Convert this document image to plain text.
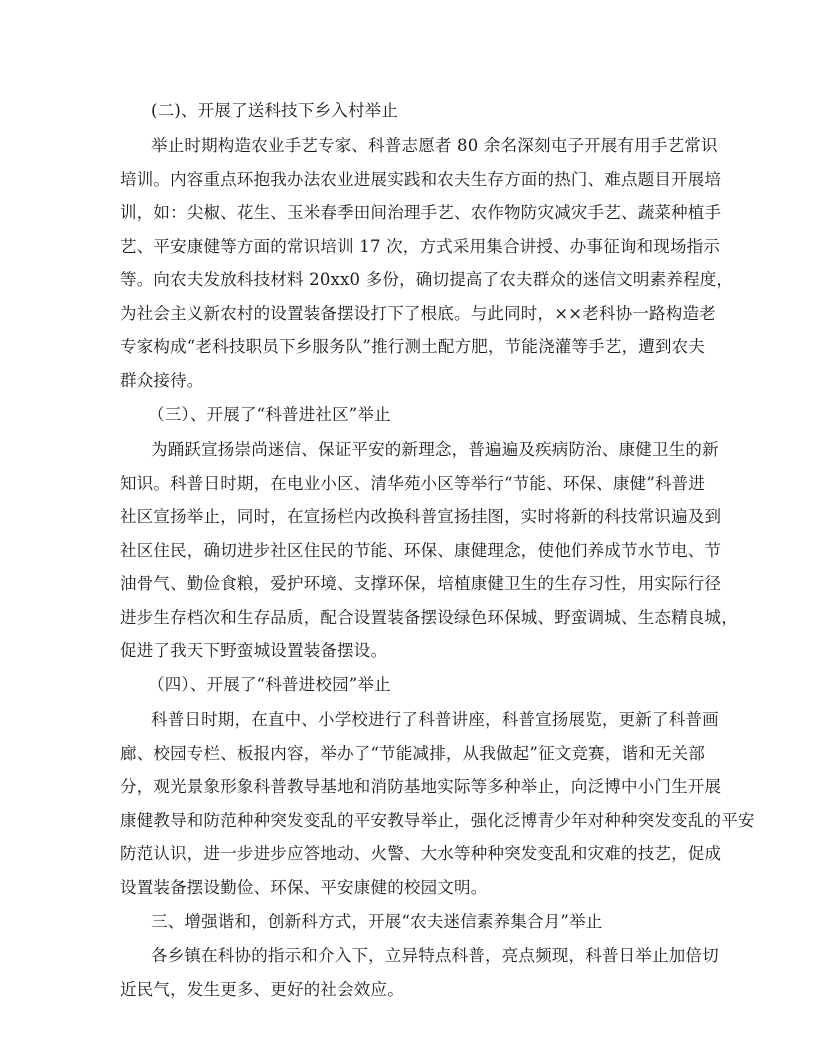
(二)、开展了送科技下乡入村举止
举止时期构造农业手艺专家、科普志愿者 80 余名深刻屯子开展有用手艺常识
培训。内容重点环抱我办法农业进展实践和农夫生存方面的热门、难点题目开展培
训，如：尖椒、花生、玉米春季田间治理手艺、农作物防灾减灾手艺、蔬菜种植手
艺、平安康健等方面的常识培训 17 次，方式采用集合讲授、办事征询和现场指示
等。向农夫发放科技材料 20xx0 多份，确切提高了农夫群众的迷信文明素养程度，
为社会主义新农村的设置装备摆设打下了根底。与此同时，××老科协一路构造老
专家构成“老科技职员下乡服务队”推行测土配方肥，节能浇灌等手艺，遭到农夫
群众接待。
（三）、开展了“科普进社区”举止
为踊跃宣扬崇尚迷信、保证平安的新理念，普遍遍及疾病防治、康健卫生的新
知识。科普日时期，在电业小区、清华苑小区等举行“节能、环保、康健”科普进
社区宣扬举止，同时，在宣扬栏内改换科普宣扬挂图，实时将新的科技常识遍及到
社区住民，确切进步社区住民的节能、环保、康健理念，使他们养成节水节电、节
油骨气、勤俭食粮，爱护环境、支撑环保，培植康健卫生的生存习性，用实际行径
进步生存档次和生存品质，配合设置装备摆设绿色环保城、野蛮调城、生态精良城，
促进了我天下野蛮城设置装备摆设。
（四）、开展了“科普进校园”举止
科普日时期，在直中、小学校进行了科普讲座，科普宣扬展览，更新了科普画
廊、校园专栏、板报内容，举办了“节能减排，从我做起”征文竞赛，谐和无关部
分，观光景象形象科普教导基地和消防基地实际等多种举止，向泛博中小门生开展
康健教导和防范种种突发变乱的平安教导举止，强化泛博青少年对种种突发变乱的平安
防范认识，进一步进步应答地动、火警、大水等种种突发变乱和灾难的技艺，促成
设置装备摆设勤俭、环保、平安康健的校园文明。
三、增强谐和，创新科方式，开展“农夫迷信素养集合月”举止
各乡镇在科协的指示和介入下，立异特点科普，亮点频现，科普日举止加倍切
近民气，发生更多、更好的社会效应。
